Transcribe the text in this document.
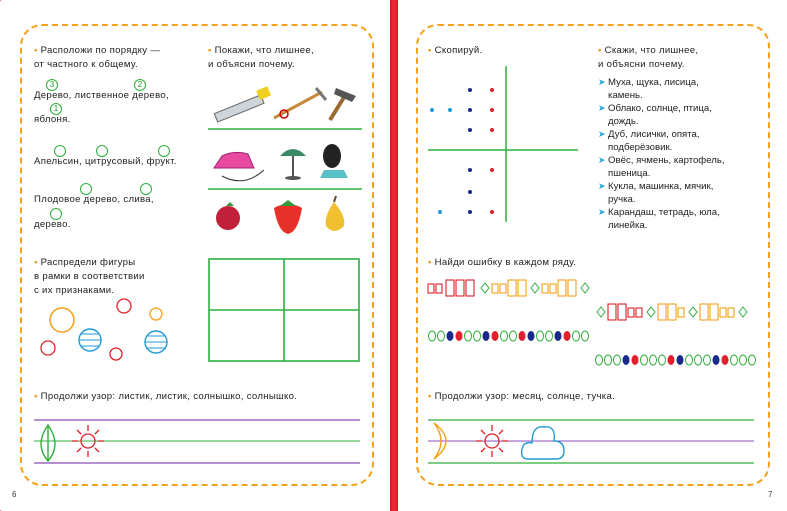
• Расположи по порядку —
от частного к общему.
3	2
1
Дерево, лиственное дерево,
яблоня.
Апельсин, цитрусовый, фрукт.
Плодовое дерево, слива,
дерево.
• Покажи, что лишнее,
и объясни почему.
• Распредели фигуры
в рамки в соответствии
с их признаками.
• Продолжи узор: листик, листик, солнышко, солнышко.
6
• Скопируй.	• Скажи, что лишнее,
и объясни почему.
➤ Муха, щука, лисица,
камень.
➤ Облако, солнце, птица,
дождь.
➤ Дуб, лисички, опята,
подберёзовик.
➤ Овёс, ячмень, картофель,
пшеница.
➤ Кукла, машинка, мячик,
ручка.
➤ Карандаш, тетрадь, юла,
линейка.
• Найди ошибку в каждом ряду.
• Продолжи узор: месяц, солнце, тучка.
7
